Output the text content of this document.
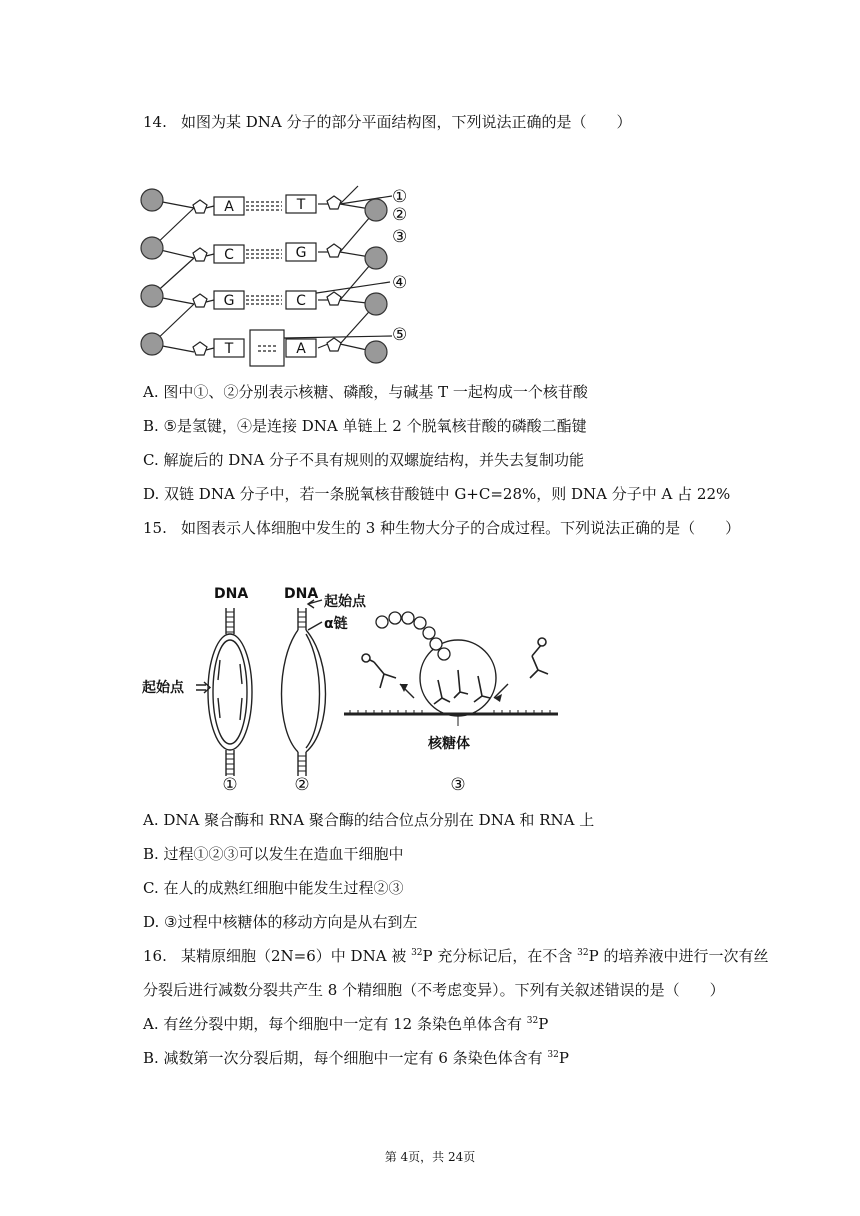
14. 如图为某 DNA 分子的部分平面结构图，下列说法正确的是（　　）
A
C
G
T
T
G
C
A
①
②
③
④
⑤
A. 图中①、②分别表示核糖、磷酸，与碱基 T 一起构成一个核苷酸
B. ⑤是氢键，④是连接 DNA 单链上 2 个脱氧核苷酸的磷酸二酯键
C. 解旋后的 DNA 分子不具有规则的双螺旋结构，并失去复制功能
D. 双链 DNA 分子中，若一条脱氧核苷酸链中 G+C=28%，则 DNA 分子中 A 占 22%
15. 如图表示人体细胞中发生的 3 种生物大分子的合成过程。下列说法正确的是（　　）
DNA	DNA 起始点
α链
起始点
核糖体
①	②	③
A. DNA 聚合酶和 RNA 聚合酶的结合位点分别在 DNA 和 RNA 上
B. 过程①②③可以发生在造血干细胞中
C. 在人的成熟红细胞中能发生过程②③
D. ③过程中核糖体的移动方向是从右到左
16. 某精原细胞（2N=6）中 DNA 被 $^{32}$P 充分标记后，在不含 $^{32}$P 的培养液中进行一次有丝
分裂后进行减数分裂共产生 8 个精细胞（不考虑变异）。下列有关叙述错误的是（　　）
A. 有丝分裂中期，每个细胞中一定有 12 条染色单体含有 $^{32}$P
B. 减数第一次分裂后期，每个细胞中一定有 6 条染色体含有 $^{32}$P
第 4页，共 24页
